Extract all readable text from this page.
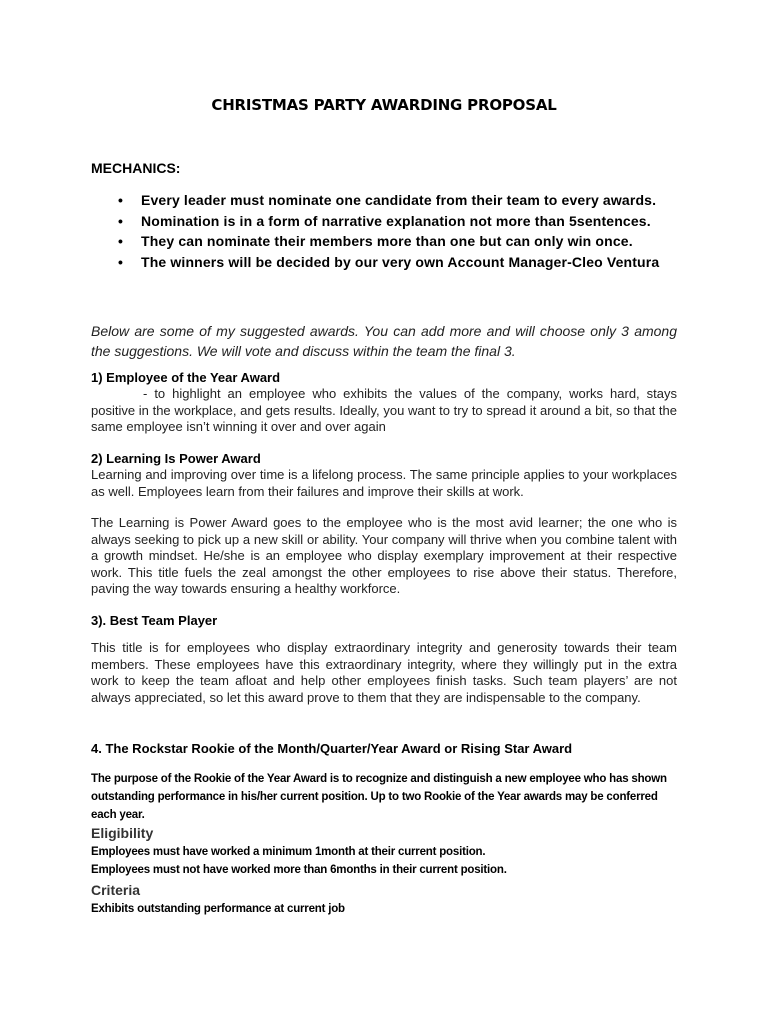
CHRISTMAS PARTY AWARDING PROPOSAL
MECHANICS:
• Every leader must nominate one candidate from their team to every awards.
• Nomination is in a form of narrative explanation not more than 5sentences.
• They can nominate their members more than one but can only win once.
• The winners will be decided by our very own Account Manager-Cleo Ventura

Below are some of my suggested awards. You can add more and will choose only 3 among the suggestions. We will vote and discuss within the team the final 3.

1) Employee of the Year Award

- to highlight an employee who exhibits the values of the company, works hard, stays positive in the workplace, and gets results. Ideally, you want to try to spread it around a bit, so that the same employee isn’t winning it over and over again

2) Learning Is Power Award

Learning and improving over time is a lifelong process. The same principle applies to your workplaces as well. Employees learn from their failures and improve their skills at work.

The Learning is Power Award goes to the employee who is the most avid learner; the one who is always seeking to pick up a new skill or ability. Your company will thrive when you combine talent with a growth mindset. He/she is an employee who display exemplary improvement at their respective work. This title fuels the zeal amongst the other employees to rise above their status. Therefore, paving the way towards ensuring a healthy workforce.

3). Best Team Player

This title is for employees who display extraordinary integrity and generosity towards their team members. These employees have this extraordinary integrity, where they willingly put in the extra work to keep the team afloat and help other employees finish tasks. Such team players’ are not always appreciated, so let this award prove to them that they are indispensable to the company.

4. The Rockstar Rookie of the Month/Quarter/Year Award or Rising Star Award

The purpose of the Rookie of the Year Award is to recognize and distinguish a new employee who has shown outstanding performance in his/her current position. Up to two Rookie of the Year awards may be conferred each year.

Eligibility
Employees must have worked a minimum 1month at their current position.
Employees must not have worked more than 6months in their current position.
Criteria
Exhibits outstanding performance at current job
